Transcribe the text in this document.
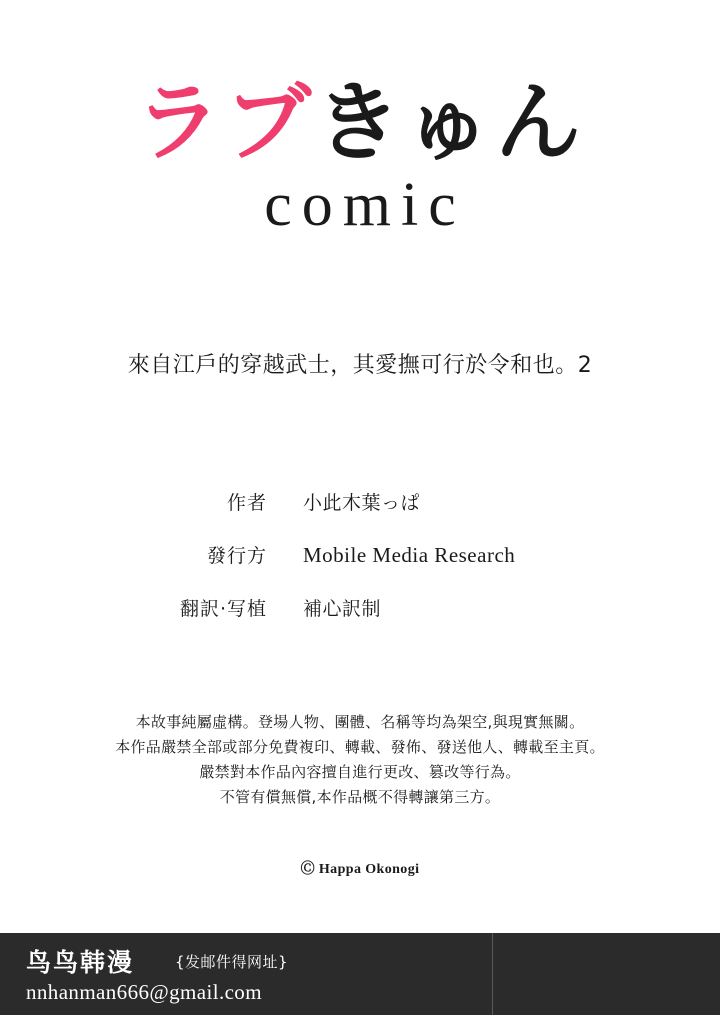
ラブきゅん
comic
來自江戶的穿越武士，其愛撫可行於令和也。2
作者	小此木葉っぱ
發行方	Mobile Media Research
翻訳·写植	補心訳制
本故事純屬虛構。登場人物、團體、名稱等均為架空,與現實無關。
本作品嚴禁全部或部分免費複印、轉載、發佈、發送他人、轉載至主頁。
嚴禁對本作品內容擅自進行更改、篡改等行為。
不管有償無償,本作品概不得轉讓第三方。
Ⓒ Happa Okonogi
鸟鸟韩漫	{发邮件得网址}
nnhanman666@gmail.com
